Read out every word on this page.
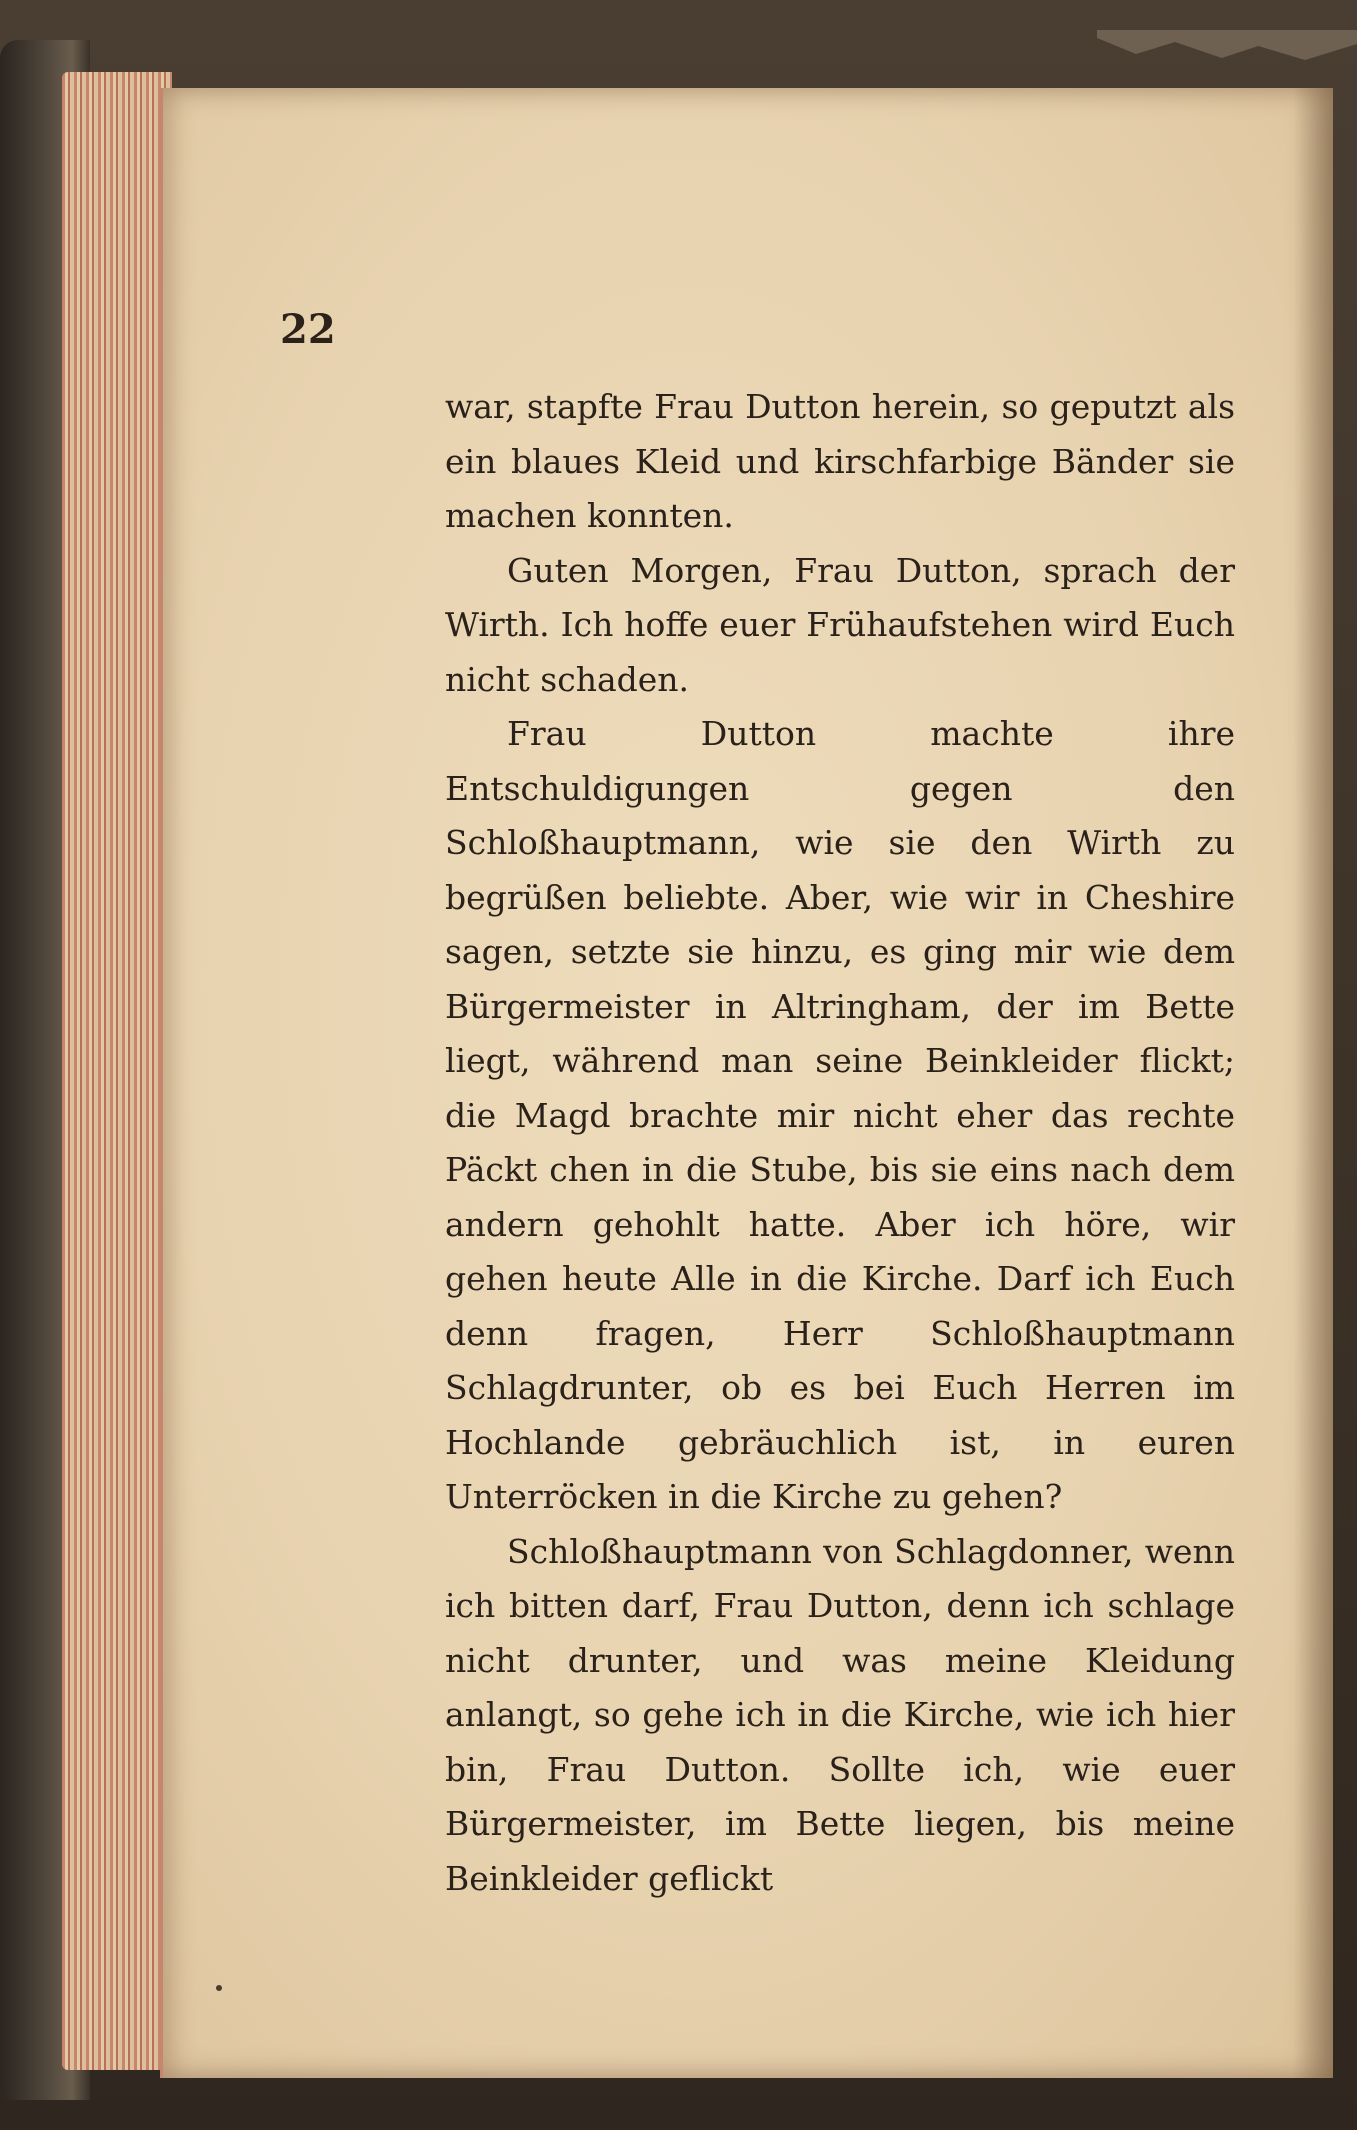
22

war, stapfte Frau Dutton herein, so geputzt als ein blaues Kleid und kirschfarbige Bänder sie machen konnten.

Guten Morgen, Frau Dutton, sprach der Wirth. Ich hoffe euer Frühaufstehen wird Euch nicht schaden.

Frau Dutton machte ihre Entschuldigungen gegen den Schloßhauptmann, wie sie den Wirth zu begrüßen beliebte. Aber, wie wir in Cheshire sagen, setzte sie hinzu, es ging mir wie dem Bürgermeister in Altringham, der im Bette liegt, während man seine Beinkleider flickt; die Magd brachte mir nicht eher das rechte Päckt chen in die Stube, bis sie eins nach dem andern gehohlt hatte. Aber ich höre, wir gehen heute Alle in die Kirche. Darf ich Euch denn fragen, Herr Schloßhauptmann Schlagdrunter, ob es bei Euch Herren im Hochlande gebräuchlich ist, in euren Unterröcken in die Kirche zu gehen?

Schloßhauptmann von Schlagdonner, wenn ich bitten darf, Frau Dutton, denn ich schlage nicht drunter, und was meine Kleidung anlangt, so gehe ich in die Kirche, wie ich hier bin, Frau Dutton. Sollte ich, wie euer Bürgermeister, im Bette liegen, bis meine Beinkleider geflickt
